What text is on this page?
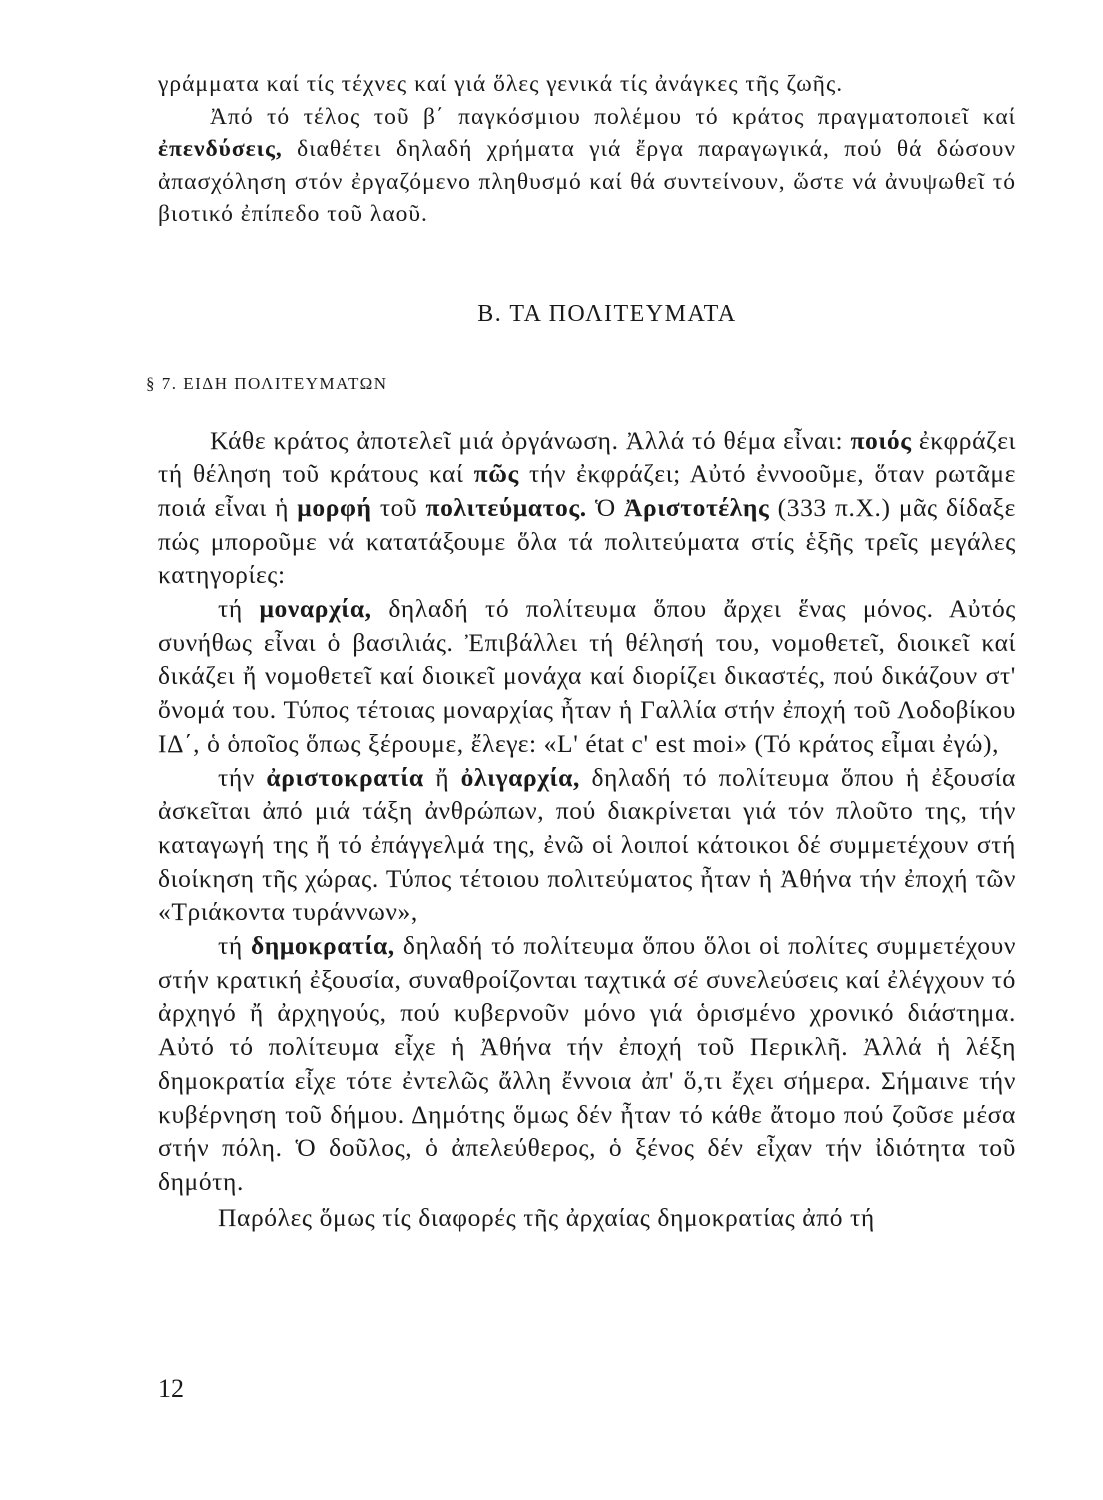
γράμματα καί τίς τέχνες καί γιά ὅλες γενικά τίς ἀνάγκες τῆς ζωῆς.

Ἀπό τό τέλος τοῦ β΄ παγκόσμιου πολέμου τό κράτος πραγματοποιεῖ καί ἐπενδύσεις, διαθέτει δηλαδή χρήματα γιά ἔργα παραγωγικά, πού θά δώσουν ἀπασχόληση στόν ἐργαζόμενο πληθυσμό καί θά συντείνουν, ὥστε νά ἀνυψωθεῖ τό βιοτικό ἐπίπεδο τοῦ λαοῦ.

Β. ΤΑ ΠΟΛΙΤΕΥΜΑΤΑ
§ 7. ΕΙΔΗ ΠΟΛΙΤΕΥΜΑΤΩΝ

Κάθε κράτος ἀποτελεῖ μιά ὀργάνωση. Ἀλλά τό θέμα εἶναι: ποιός ἐκφράζει τή θέληση τοῦ κράτους καί πῶς τήν ἐκφράζει; Αὐτό ἐννοοῦμε, ὅταν ρωτᾶμε ποιά εἶναι ἡ μορφή τοῦ πολιτεύματος. Ὁ Ἀριστοτέλης (333 π.Χ.) μᾶς δίδαξε πώς μποροῦμε νά κατατάξουμε ὅλα τά πολιτεύματα στίς ἑξῆς τρεῖς μεγάλες κατηγορίες:

τή μοναρχία, δηλαδή τό πολίτευμα ὅπου ἄρχει ἕνας μόνος. Αὐτός συνήθως εἶναι ὁ βασιλιάς. Ἐπιβάλλει τή θέλησή του, νομοθετεῖ, διοικεῖ καί δικάζει ἤ νομοθετεῖ καί διοικεῖ μονάχα καί διορίζει δικαστές, πού δικάζουν στ' ὄνομά του. Τύπος τέτοιας μοναρχίας ἦταν ἡ Γαλλία στήν ἐποχή τοῦ Λοδοβίκου ΙΔ΄, ὁ ὁποῖος ὅπως ξέρουμε, ἔλεγε: «L' état c' est moi» (Τό κράτος εἶμαι ἐγώ),

τήν ἀριστοκρατία ἤ ὀλιγαρχία, δηλαδή τό πολίτευμα ὅπου ἡ ἐξουσία ἀσκεῖται ἀπό μιά τάξη ἀνθρώπων, πού διακρίνεται γιά τόν πλοῦτο της, τήν καταγωγή της ἤ τό ἐπάγγελμά της, ἐνῶ οἱ λοιποί κάτοικοι δέ συμμετέχουν στή διοίκηση τῆς χώρας. Τύπος τέτοιου πολιτεύματος ἦταν ἡ Ἀθήνα τήν ἐποχή τῶν «Τριάκοντα τυράννων»,

τή δημοκρατία, δηλαδή τό πολίτευμα ὅπου ὅλοι οἱ πολίτες συμμετέχουν στήν κρατική ἐξουσία, συναθροίζονται ταχτικά σέ συνελεύσεις καί ἐλέγχουν τό ἀρχηγό ἤ ἀρχηγούς, πού κυβερνοῦν μόνο γιά ὁρισμένο χρονικό διάστημα. Αὐτό τό πολίτευμα εἶχε ἡ Ἀθήνα τήν ἐποχή τοῦ Περικλῆ. Ἀλλά ἡ λέξη δημοκρατία εἶχε τότε ἐντελῶς ἄλλη ἔννοια ἀπ' ὅ,τι ἔχει σήμερα. Σήμαινε τήν κυβέρνηση τοῦ δήμου. Δημότης ὅμως δέν ἦταν τό κάθε ἄτομο πού ζοῦσε μέσα στήν πόλη. Ὁ δοῦλος, ὁ ἀπελεύθερος, ὁ ξένος δέν εἶχαν τήν ἰδιότητα τοῦ δημότη.

Παρόλες ὅμως τίς διαφορές τῆς ἀρχαίας δημοκρατίας ἀπό τή

12
